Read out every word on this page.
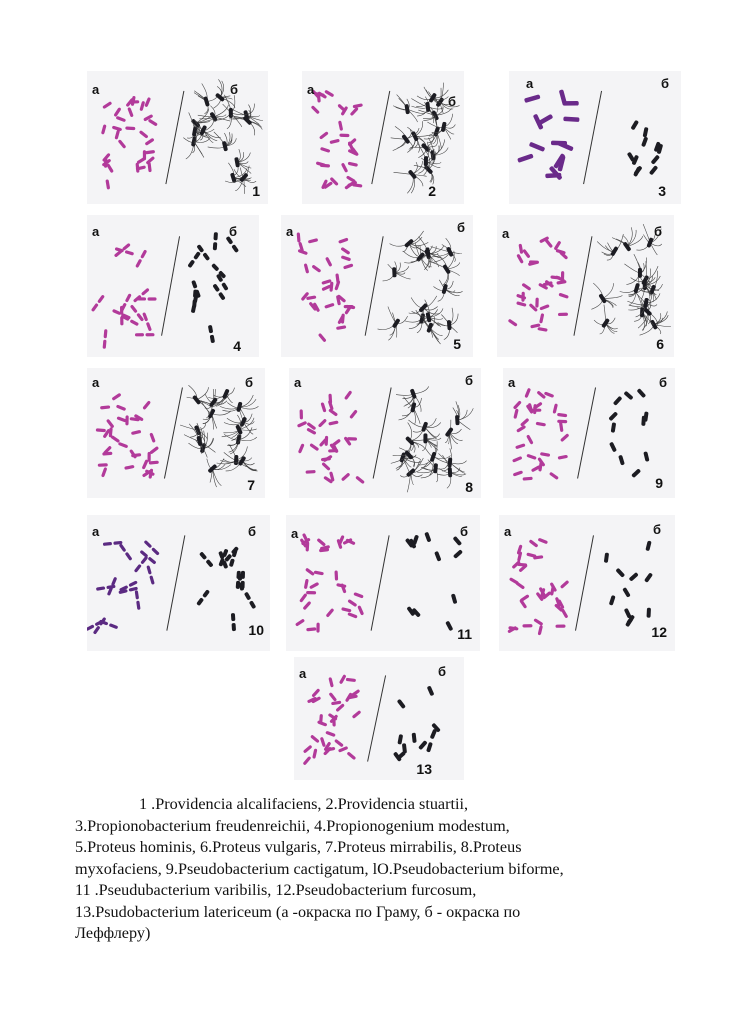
а	б
1
а
б
2
а	б
3
а	б
4
а	б
5
а	б
6
а	б
7
а	б
8
а	б
9
а	б
10
а	б
11
а	б
12
а	б
13
1 .Providencia alcalifaciens, 2.Providencia stuartii,
3.Propionobacterium freudenreichii, 4.Propionogenium modestum,
5.Proteus hominis, 6.Proteus vulgaris, 7.Proteus mirrabilis, 8.Proteus
myxofaciens, 9.Pseudobacterium cactigatum, lO.Pseudobacterium biforme,
11 .Pseudubacterium varibilis, 12.Pseudobacterium furcosum,
13.Psudobacterium latericeum (а -окраска по Граму, б - окраска по
Леффлеру)
